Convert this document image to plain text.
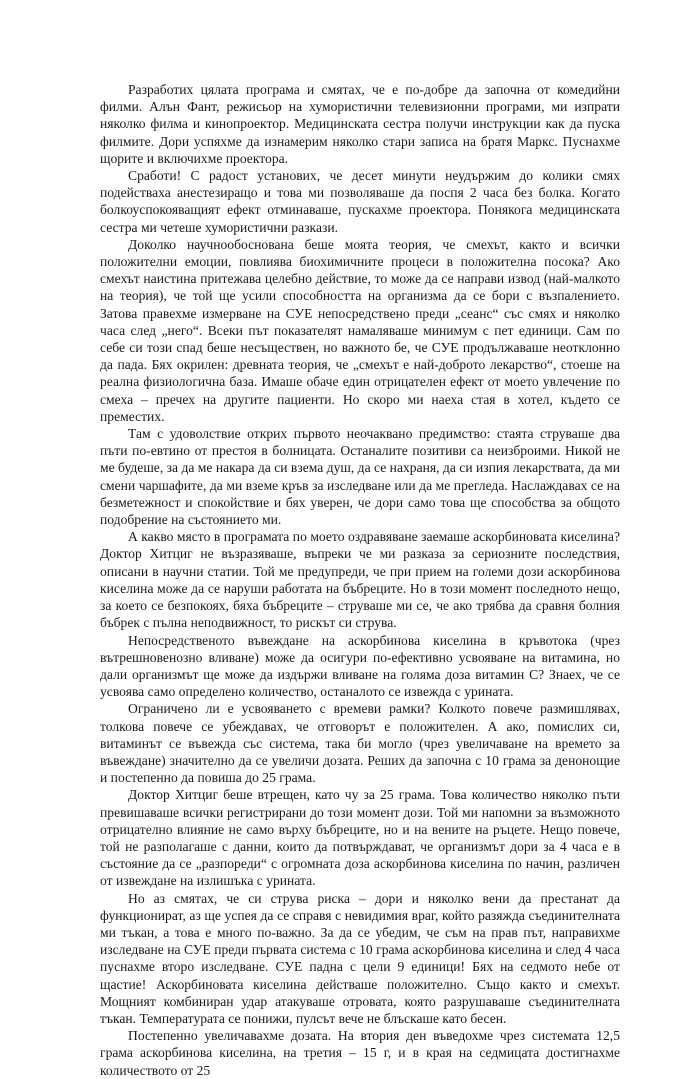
Разработих цялата програма и смятах, че е по-добре да започна от комедийни филми. Алън Фант, режисьор на хумористични телевизионни програми, ми изпрати няколко филма и кинопроектор. Медицинската сестра получи инструкции как да пуска филмите. Дори успяхме да изнамерим няколко стари записа на братя Маркс. Пуснахме щорите и включихме проектора.

Сработи! С радост установих, че десет минути неудържим до колики смях подействаха анестезиращо и това ми позволяваше да поспя 2 часа без болка. Когато болкоуспокояващият ефект отминаваше, пускахме проектора. Понякога медицинската сестра ми четеше хумористични разкази.

Доколко научнообоснована беше моята теория, че смехът, както и всички положителни емоции, повлиява биохимичните процеси в положителна посока? Ако смехът наистина притежава целебно действие, то може да се направи извод (най-малкото на теория), че той ще усили способността на организма да се бори с възпалението. Затова правехме измерване на СУЕ непосредствено преди „сеанс“ със смях и няколко часа след „него“. Всеки път показателят намаляваше минимум с пет единици. Сам по себе си този спад беше несъществен, но важното бе, че СУЕ продължаваше неотклонно да пада. Бях окрилен: древната теория, че „смехът е най-доброто лекарство“, стоеше на реална физиологична база. Имаше обаче един отрицателен ефект от моето увлечение по смеха – пречех на другите пациенти. Но скоро ми наеха стая в хотел, където се преместих.

Там с удоволствие открих първото неочаквано предимство: стаята струваше два пъти по-евтино от престоя в болницата. Останалите позитиви са неизброими. Никой не ме будеше, за да ме накара да си взема душ, да се нахраня, да си изпия лекарствата, да ми смени чаршафите, да ми вземе кръв за изследване или да ме прегледа. Наслаждавах се на безметежност и спокойствие и бях уверен, че дори само това ще способства за общото подобрение на състоянието ми.

А какво място в програмата по моето оздравяване заемаше аскорбиновата киселина? Доктор Хитциг не възразяваше, въпреки че ми разказа за сериозните последствия, описани в научни статии. Той ме предупреди, че при прием на големи дози аскорбинова киселина може да се наруши работата на бъбреците. Но в този момент последното нещо, за което се безпокоях, бяха бъбреците – струваше ми се, че ако трябва да сравня болния бъбрек с пълна неподвижност, то рискът си струва.

Непосредственото въвеждане на аскорбинова киселина в кръвотока (чрез вътрешновенозно вливане) може да осигури по-ефективно усвояване на витамина, но дали организмът ще може да издържи вливане на голяма доза витамин С? Знаех, че се усвоява само определено количество, останалото се извежда с урината.

Ограничено ли е усвояването с времеви рамки? Колкото повече размишлявах, толкова повече се убеждавах, че отговорът е положителен. А ако, помислих си, витаминът се въвежда със система, така би могло (чрез увеличаване на времето за въвеждане) значително да се увеличи дозата. Реших да започна с 10 грама за денонощие и постепенно да повиша до 25 грама.

Доктор Хитциг беше втрещен, като чу за 25 грама. Това количество няколко пъти превишаваше всички регистрирани до този момент дози. Той ми напомни за възможното отрицателно влияние не само върху бъбреците, но и на вените на ръцете. Нещо повече, той не разполагаше с данни, които да потвърждават, че организмът дори за 4 часа е в състояние да се „разпореди“ с огромната доза аскорбинова киселина по начин, различен от извеждане на излишъка с урината.

Но аз смятах, че си струва риска – дори и няколко вени да престанат да функционират, аз ще успея да се справя с невидимия враг, който разяжда съединителната ми тъкан, а това е много по-важно. За да се убедим, че съм на прав път, направихме изследване на СУЕ преди първата система с 10 грама аскорбинова киселина и след 4 часа пуснахме второ изследване. СУЕ падна с цели 9 единици! Бях на седмото небе от щастие! Аскорбиновата киселина действаше положително. Също както и смехът. Мощният комбиниран удар атакуваше отровата, която разрушаваше съединителната тъкан. Температурата се понижи, пулсът вече не блъскаше като бесен.

Постепенно увеличавахме дозата. На втория ден въведохме чрез системата 12,5 грама аскорбинова киселина, на третия – 15 г, и в края на седмицата достигнахме количеството от 25
